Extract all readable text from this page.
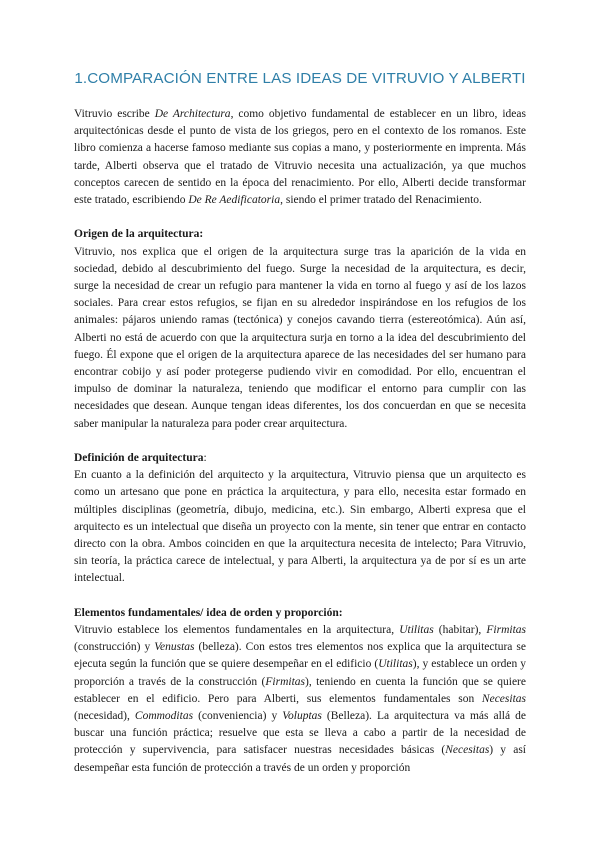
1.COMPARACIÓN ENTRE LAS IDEAS DE VITRUVIO Y ALBERTI

Vitruvio escribe De Architectura, como objetivo fundamental de establecer en un libro, ideas arquitectónicas desde el punto de vista de los griegos, pero en el contexto de los romanos. Este libro comienza a hacerse famoso mediante sus copias a mano, y posteriormente en imprenta. Más tarde, Alberti observa que el tratado de Vitruvio necesita una actualización, ya que muchos conceptos carecen de sentido en la época del renacimiento. Por ello, Alberti decide transformar este tratado, escribiendo De Re Aedificatoria, siendo el primer tratado del Renacimiento.

Origen de la arquitectura:

Vitruvio, nos explica que el origen de la arquitectura surge tras la aparición de la vida en sociedad, debido al descubrimiento del fuego. Surge la necesidad de la arquitectura, es decir, surge la necesidad de crear un refugio para mantener la vida en torno al fuego y así de los lazos sociales. Para crear estos refugios, se fijan en su alrededor inspirándose en los refugios de los animales: pájaros uniendo ramas (tectónica) y conejos cavando tierra (estereotómica). Aún así, Alberti no está de acuerdo con que la arquitectura surja en torno a la idea del descubrimiento del fuego. Él expone que el origen de la arquitectura aparece de las necesidades del ser humano para encontrar cobijo y así poder protegerse pudiendo vivir en comodidad. Por ello, encuentran el impulso de dominar la naturaleza, teniendo que modificar el entorno para cumplir con las necesidades que desean. Aunque tengan ideas diferentes, los dos concuerdan en que se necesita saber manipular la naturaleza para poder crear arquitectura.

Definición de arquitectura:

En cuanto a la definición del arquitecto y la arquitectura, Vitruvio piensa que un arquitecto es como un artesano que pone en práctica la arquitectura, y para ello, necesita estar formado en múltiples disciplinas (geometría, dibujo, medicina, etc.). Sin embargo, Alberti expresa que el arquitecto es un intelectual que diseña un proyecto con la mente, sin tener que entrar en contacto directo con la obra. Ambos coinciden en que la arquitectura necesita de intelecto; Para Vitruvio, sin teoría, la práctica carece de intelectual, y para Alberti, la arquitectura ya de por sí es un arte intelectual.

Elementos fundamentales/ idea de orden y proporción:

Vitruvio establece los elementos fundamentales en la arquitectura, Utilitas (habitar), Firmitas (construcción) y Venustas (belleza). Con estos tres elementos nos explica que la arquitectura se ejecuta según la función que se quiere desempeñar en el edificio (Utilitas), y establece un orden y proporción a través de la construcción (Firmitas), teniendo en cuenta la función que se quiere establecer en el edificio. Pero para Alberti, sus elementos fundamentales son Necesitas (necesidad), Commoditas (conveniencia) y Voluptas (Belleza). La arquitectura va más allá de buscar una función práctica; resuelve que esta se lleva a cabo a partir de la necesidad de protección y supervivencia, para satisfacer nuestras necesidades básicas (Necesitas) y así desempeñar esta función de protección a través de un orden y proporción
